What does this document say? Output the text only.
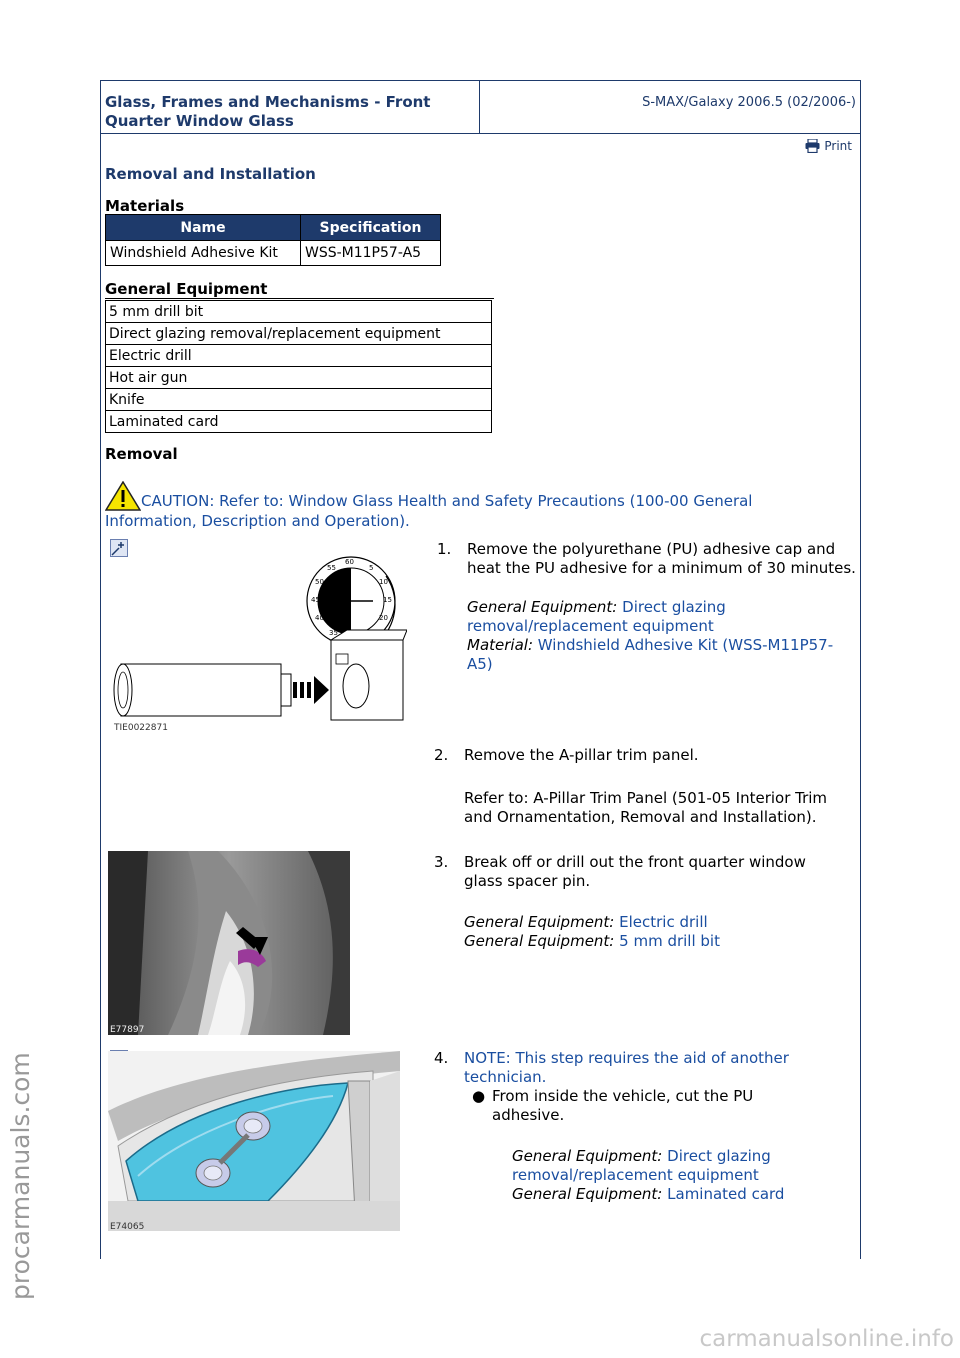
procarmanuals.com
carmanualsonline.info
Glass, Frames and Mechanisms - Front Quarter Window Glass
S-MAX/Galaxy 2006.5 (02/2006-)
Print
Removal and Installation
Materials
Name	Specification
Windshield Adhesive Kit	WSS-M11P57-A5
General Equipment
5 mm drill bit
Direct glazing removal/replacement equipment
Electric drill
Hot air gun
Knife
Laminated card
Removal
CAUTION: Refer to: Window Glass Health and Safety Precautions (100-00 General Information, Description and Operation).
60
5
10
15
20
35
40
45
50
55
TIE0022871
1. Remove the polyurethane (PU) adhesive cap and heat the PU adhesive for a minimum of 30 minutes.
General Equipment: Direct glazing removal/replacement equipment
Material: Windshield Adhesive Kit (WSS-M11P57-A5)
2. Remove the A-pillar trim panel.
Refer to: A-Pillar Trim Panel (501-05 Interior Trim and Ornamentation, Removal and Installation).
E77897
3. Break off or drill out the front quarter window glass spacer pin.
General Equipment: Electric drill
General Equipment: 5 mm drill bit
E74065
4. NOTE: This step requires the aid of another technician.
● From inside the vehicle, cut the PU adhesive.
General Equipment: Direct glazing removal/replacement equipment
General Equipment: Laminated card
